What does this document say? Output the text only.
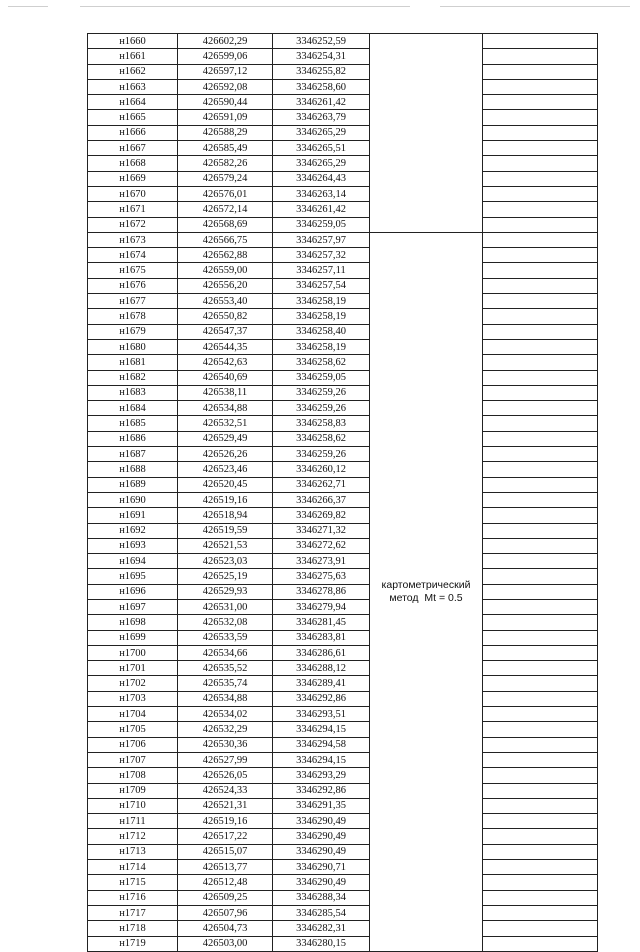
н1660	426602,29	3346252,59		
н1661	426599,06	3346254,31		
н1662	426597,12	3346255,82		
н1663	426592,08	3346258,60		
н1664	426590,44	3346261,42		
н1665	426591,09	3346263,79		
н1666	426588,29	3346265,29		
н1667	426585,49	3346265,51		
н1668	426582,26	3346265,29		
н1669	426579,24	3346264,43		
н1670	426576,01	3346263,14		
н1671	426572,14	3346261,42		
н1672	426568,69	3346259,05		
н1673	426566,75	3346257,97	картометрический
метод  Mt = 0.5	

н1674	426562,88	3346257,32		
н1675	426559,00	3346257,11		
н1676	426556,20	3346257,54		
н1677	426553,40	3346258,19		
н1678	426550,82	3346258,19		
н1679	426547,37	3346258,40		
н1680	426544,35	3346258,19		
н1681	426542,63	3346258,62		
н1682	426540,69	3346259,05		
н1683	426538,11	3346259,26		
н1684	426534,88	3346259,26		
н1685	426532,51	3346258,83		
н1686	426529,49	3346258,62		
н1687	426526,26	3346259,26		
н1688	426523,46	3346260,12		
н1689	426520,45	3346262,71		
н1690	426519,16	3346266,37		
н1691	426518,94	3346269,82		
н1692	426519,59	3346271,32		
н1693	426521,53	3346272,62		
н1694	426523,03	3346273,91		
н1695	426525,19	3346275,63		
н1696	426529,93	3346278,86		
н1697	426531,00	3346279,94		
н1698	426532,08	3346281,45		
н1699	426533,59	3346283,81		
н1700	426534,66	3346286,61		
н1701	426535,52	3346288,12		
н1702	426535,74	3346289,41		
н1703	426534,88	3346292,86		
н1704	426534,02	3346293,51		
н1705	426532,29	3346294,15		
н1706	426530,36	3346294,58		
н1707	426527,99	3346294,15		
н1708	426526,05	3346293,29		
н1709	426524,33	3346292,86		
н1710	426521,31	3346291,35		
н1711	426519,16	3346290,49		
н1712	426517,22	3346290,49		
н1713	426515,07	3346290,49		
н1714	426513,77	3346290,71		
н1715	426512,48	3346290,49		
н1716	426509,25	3346288,34		
н1717	426507,96	3346285,54		
н1718	426504,73	3346282,31		
н1719	426503,00	3346280,15		
